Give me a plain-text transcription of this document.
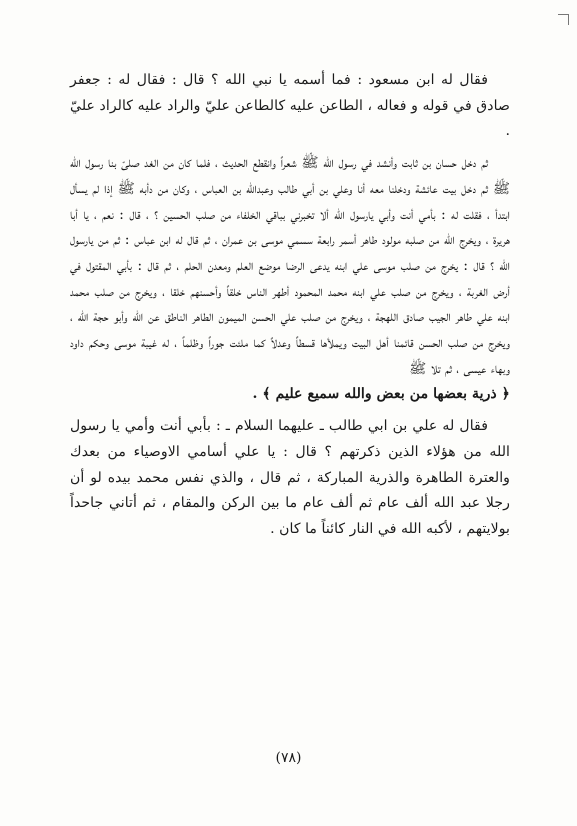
فقال له ابن مسعود : فما أسمه يا نبي الله ؟ قال : فقال له : جعفر صادق في قوله و فعاله ، الطاعن عليه كالطاعن عليّ والراد عليه كالراد عليّ .

ثم دخل حسان بن ثابت وأنشد في رسول الله ﷺ شعراً وانقطع الحديث ، فلما كان من الغد صلىّ بنا رسول الله ﷺ ثم دخل بيت عائشة ودخلنا معه أنا وعلي بن أبي طالب وعبدالله بن العباس ، وكان من دأبه ﷺ إذا لم يسأل ابتدأ ، فقلت له : بأمي أنت وأبي يارسول الله ألا تخبرني بباقي الخلفاء من صلب الحسين ؟ ، قال : نعم ، يا أبا هريرة ، ويخرج الله من صلبه مولود طاهر أسمر رابعة سسمي موسى بن عمران ، ثم قال له ابن عباس : ثم من يارسول الله ؟ قال : يخرج من صلب موسى علي ابنه يدعى الرضا موضع العلم ومعدن الحلم ، ثم قال : بأبي المقتول في أرض الغربة ، ويخرج من صلب علي ابنه محمد المحمود أطهر الناس خلقاً وأحسنهم خلقا ، ويخرج من صلب محمد ابنه علي طاهر الجيب صادق اللهجة ، ويخرج من صلب علي الحسن الميمون الطاهر الناطق عن الله وأبو حجة الله ، ويخرج من صلب الحسن قائمنا أهل البيت ويملأها قسطاً وعدلاً كما ملئت جوراً وظلماً ، له غيبة موسى وحكم داود وبهاء عيسى ، ثم تلا ﷺ

﴿ ذرية بعضها من بعض والله سميع عليم ﴾ .

فقال له علي بن ابي طالب ـ عليهما السلام ـ : بأبي أنت وأمي يا رسول الله من هؤلاء الذين ذكرتهم ؟ قال : يا علي أسامي الاوصياء من بعدك والعترة الطاهرة والذرية المباركة ، ثم قال ، والذي نفس محمد بيده لو أن رجلا عبد الله ألف عام ثم ألف عام ما بين الركن والمقام ، ثم أتاني جاحداً بولايتهم ، لأكبه الله في النار كائناً ما كان .

(٧٨)
